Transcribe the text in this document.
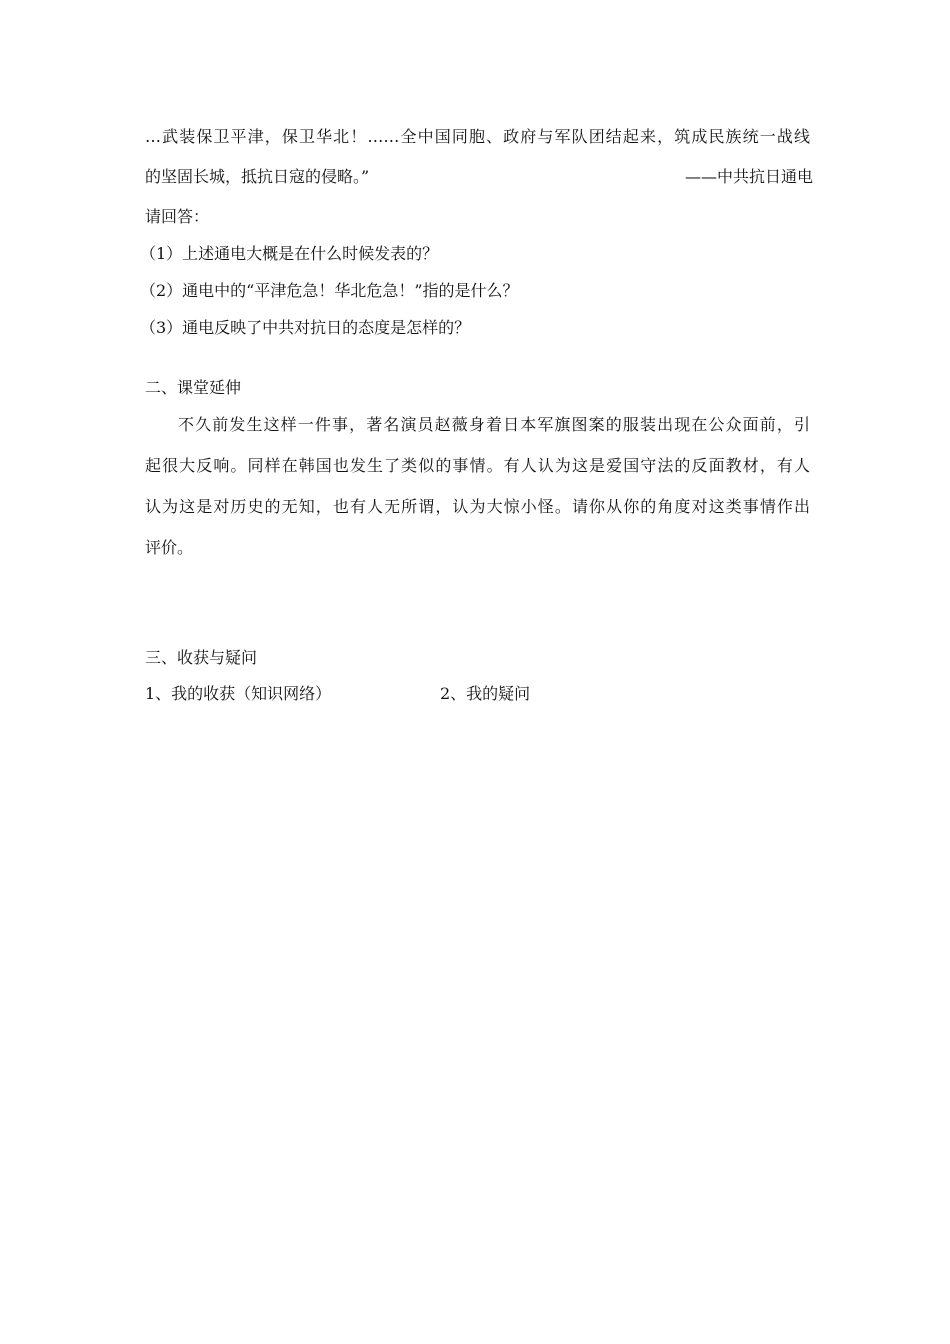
…武装保卫平津，保卫华北！……全中国同胞、政府与军队团结起来，筑成民族统一战线
的坚固长城，抵抗日寇的侵略。”	——中共抗日通电
请回答：
（1）上述通电大概是在什么时候发表的？
（2）通电中的“平津危急！华北危急！”指的是什么？
（3）通电反映了中共对抗日的态度是怎样的？
二、课堂延伸
不久前发生这样一件事，著名演员赵薇身着日本军旗图案的服装出现在公众面前，引
起很大反响。同样在韩国也发生了类似的事情。有人认为这是爱国守法的反面教材，有人
认为这是对历史的无知，也有人无所谓，认为大惊小怪。请你从你的角度对这类事情作出
评价。
三、收获与疑问
1、我的收获（知识网络）	2、我的疑问
